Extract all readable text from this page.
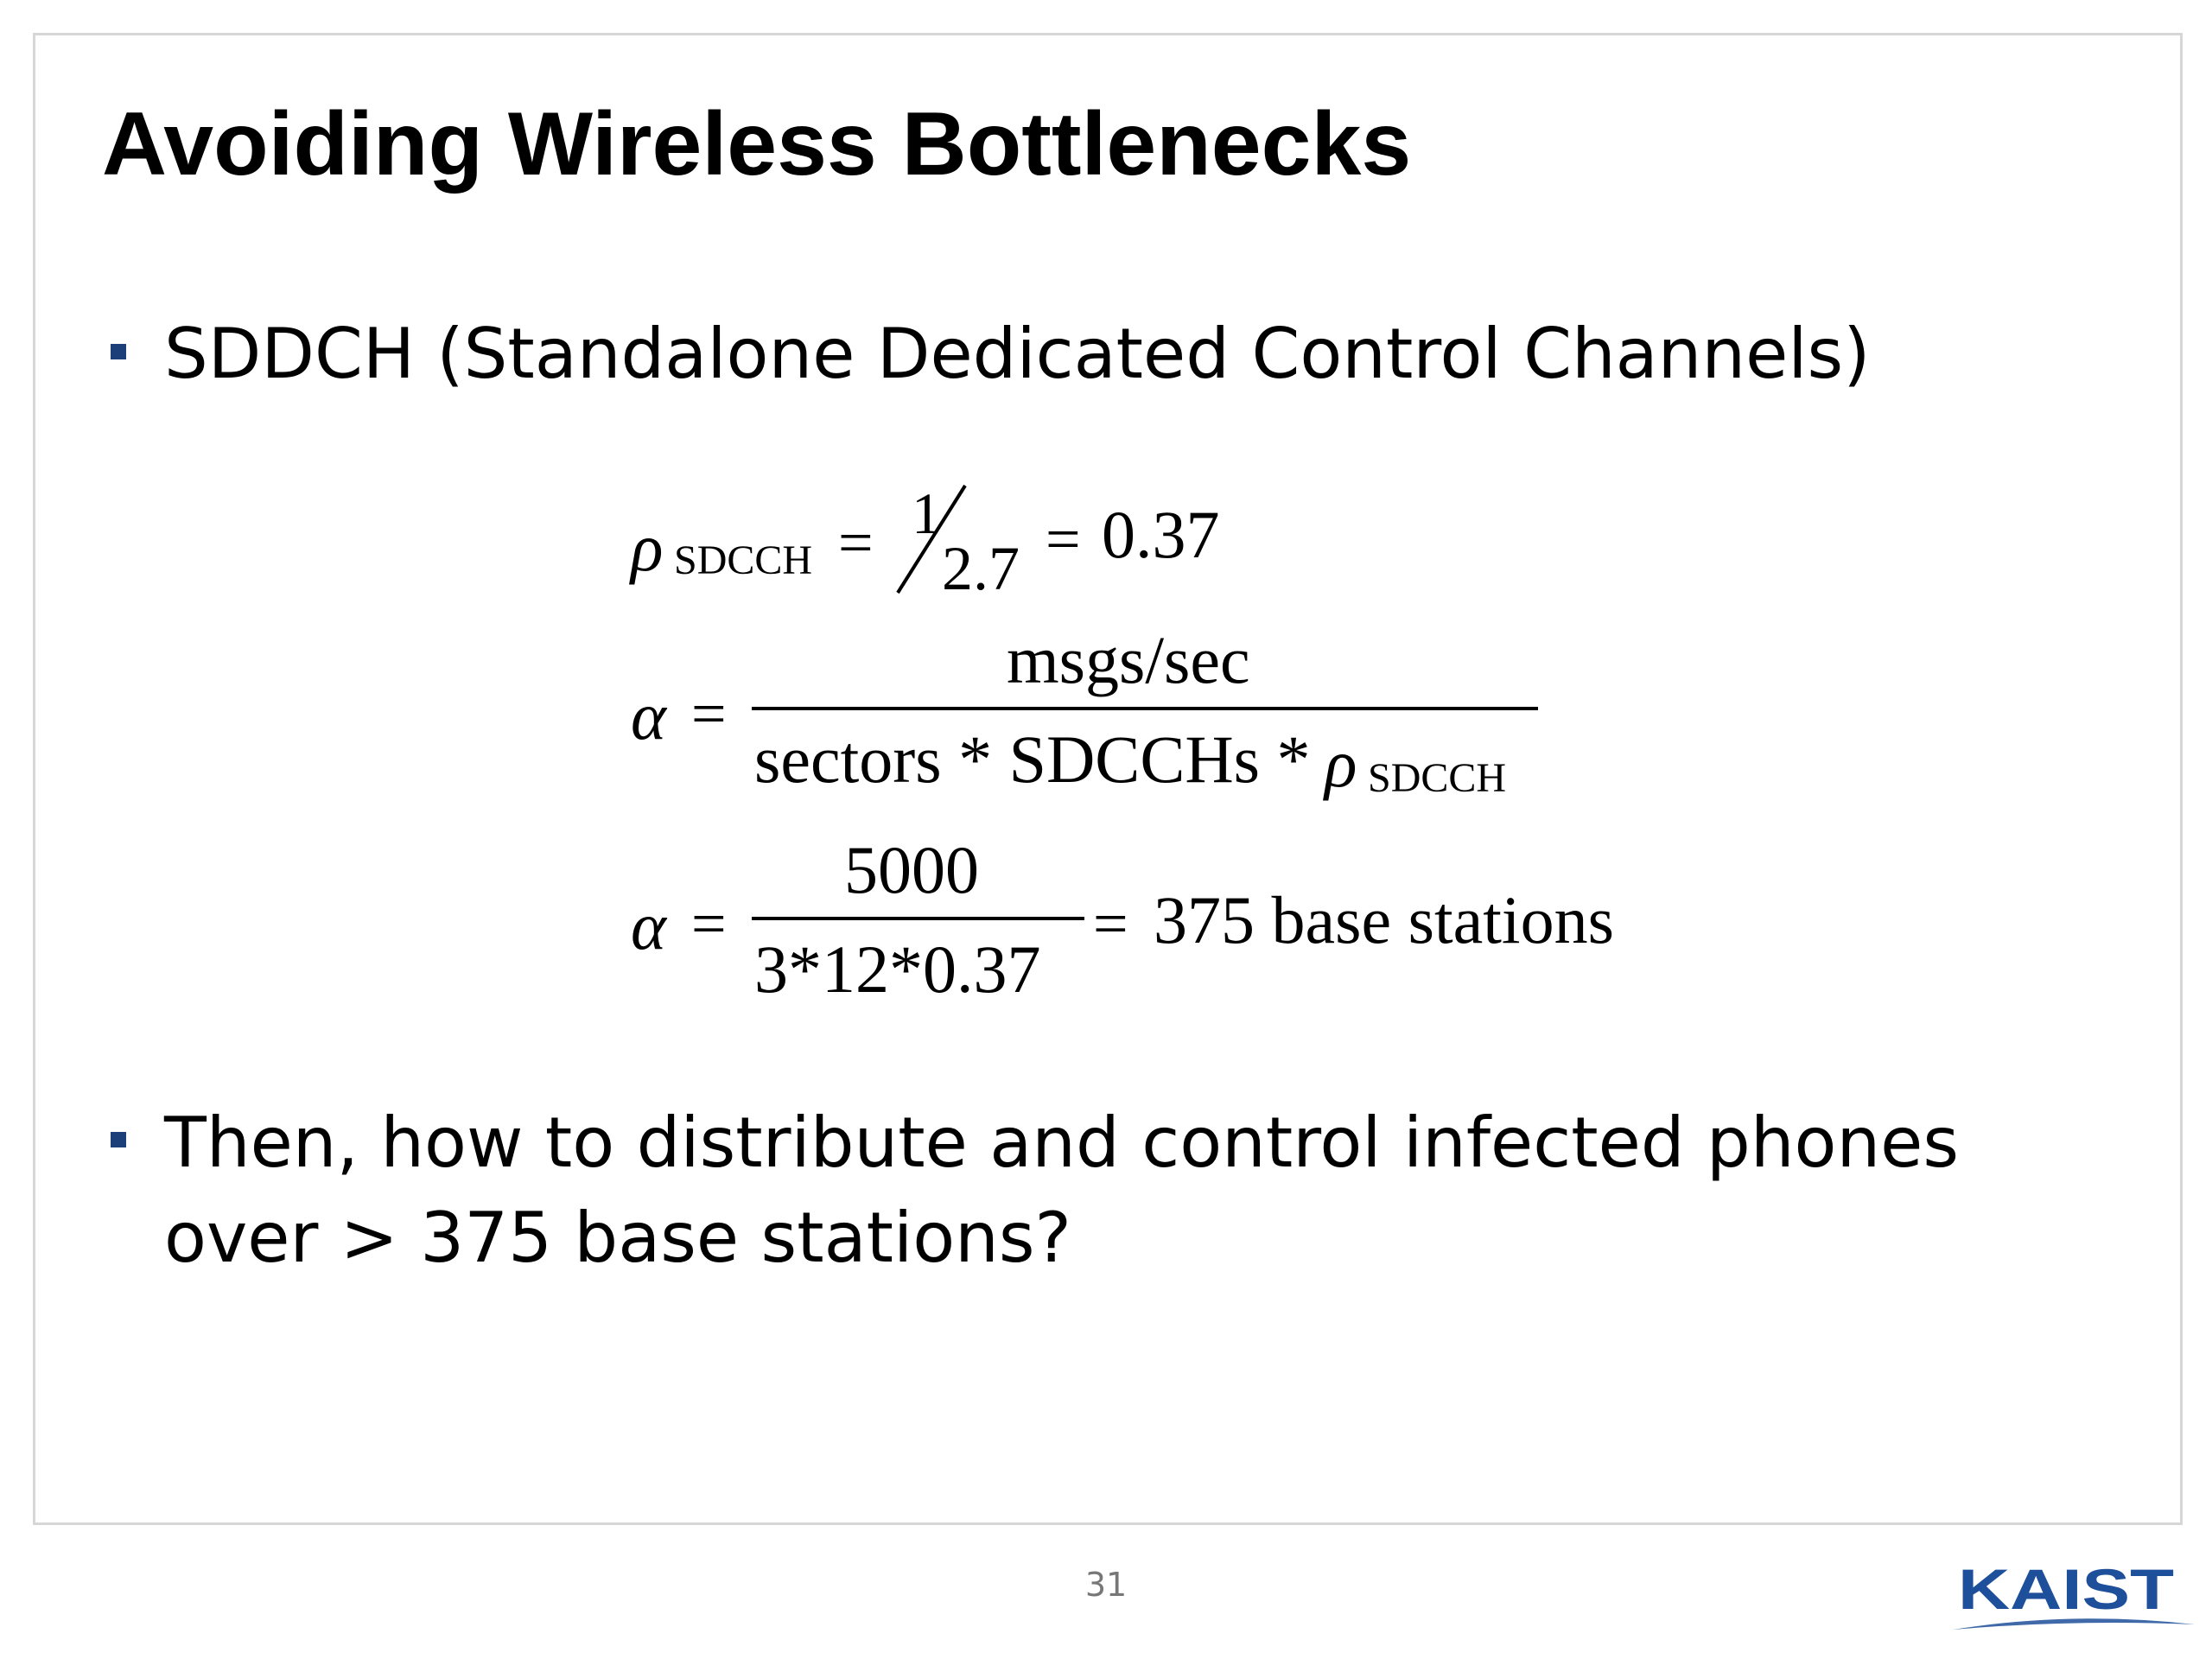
Avoiding Wireless Bottlenecks
SDDCH (Standalone Dedicated Control Channels)
ρ SDCCH = 1
2.7 = 0.37
α =
msgs/sec
sectors * SDCCHs * ρ SDCCH
α =
5000
3*12*0.37
= 375 base stations
Then, how to distribute and control infected phones
over > 375 base stations?
31	KAIST
